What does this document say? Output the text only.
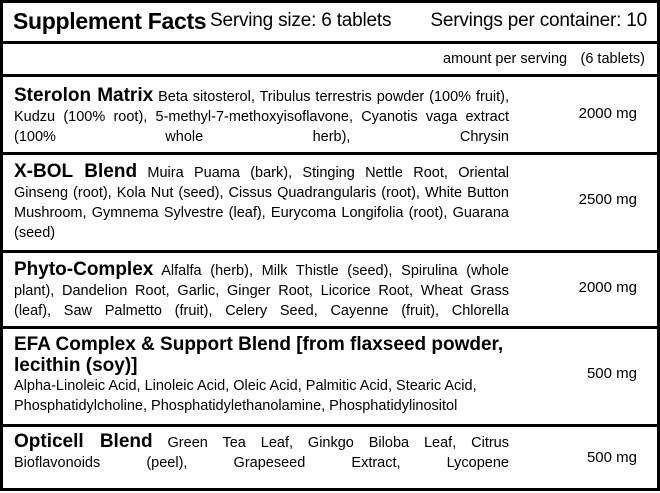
Supplement Facts Serving size: 6 tablets Servings per container: 10
amount per serving (6 tablets)
Sterolon Matrix Beta sitosterol, Tribulus terrestris powder (100% fruit), Kudzu (100% root), 5-methyl-7-methoxyisoflavone, Cyanotis vaga extract (100% whole herb), Chrysin
2000 mg
X-BOL Blend Muira Puama (bark), Stinging Nettle Root, Oriental Ginseng (root), Kola Nut (seed), Cissus Quadrangularis (root), White Button Mushroom, Gymnema Sylvestre (leaf), Eurycoma Longifolia (root), Guarana (seed)
2500 mg
Phyto-Complex Alfalfa (herb), Milk Thistle (seed), Spirulina (whole plant), Dandelion Root, Garlic, Ginger Root, Licorice Root, Wheat Grass (leaf), Saw Palmetto (fruit), Celery Seed, Cayenne (fruit), Chlorella
2000 mg
EFA Complex & Support Blend [from flaxseed powder, lecithin (soy)]
Alpha-Linoleic Acid, Linoleic Acid, Oleic Acid, Palmitic Acid, Stearic Acid, Phosphatidylcholine, Phosphatidylethanolamine, Phosphatidylinositol
500 mg
Opticell Blend Green Tea Leaf, Ginkgo Biloba Leaf, Citrus Bioflavonoids (peel), Grapeseed Extract, Lycopene	500 mg
